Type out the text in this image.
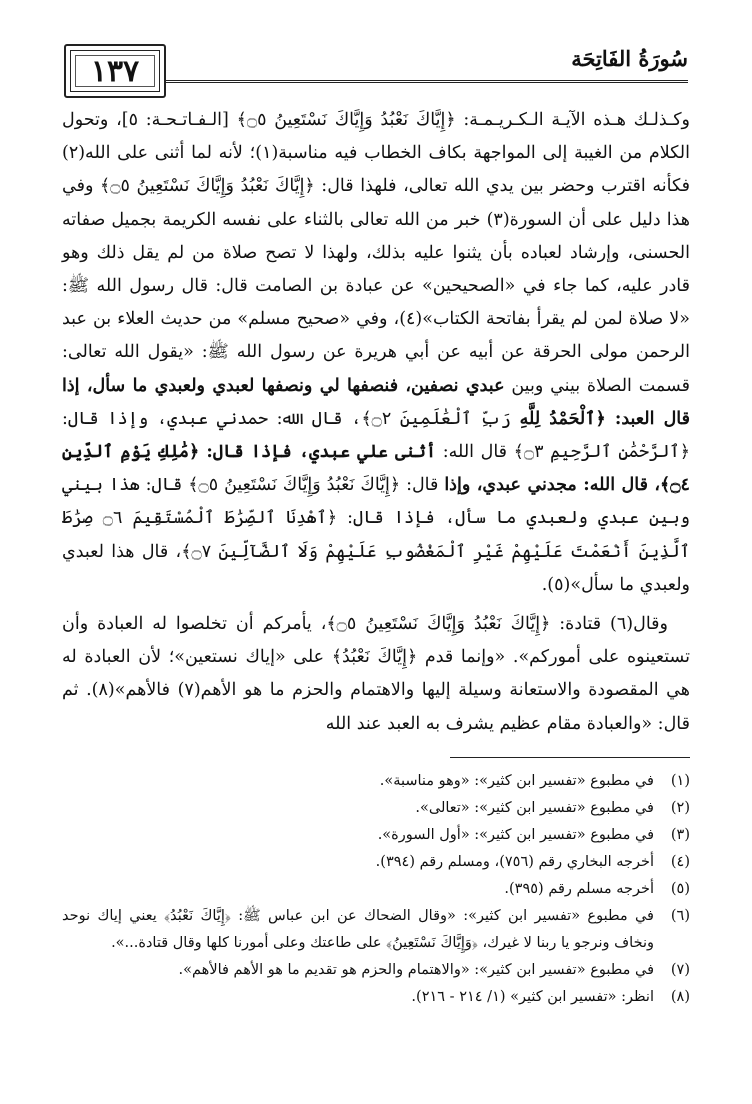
١٣٧	سُورَةُ الفَاتِحَة

وكـذلـك هـذه الآيـة الـكـريـمـة: ﴿إِيَّاكَ نَعْبُدُ وَإِيَّاكَ نَسْتَعِينُ ۝٥﴾ [الـفـاتـحـة: ٥]، وتحول الكلام من الغيبة إلى المواجهة بكاف الخطاب فيه مناسبة(١)؛ لأنه لما أثنى على الله(٢) فكأنه اقترب وحضر بين يدي الله تعالى، فلهذا قال: ﴿إِيَّاكَ نَعْبُدُ وَإِيَّاكَ نَسْتَعِينُ ۝٥﴾ وفي هذا دليل على أن السورة(٣) خبر من الله تعالى بالثناء على نفسه الكريمة بجميل صفاته الحسنى، وإرشاد لعباده بأن يثنوا عليه بذلك، ولهذا لا تصح صلاة من لم يقل ذلك وهو قادر عليه، كما جاء في «الصحيحين» عن عبادة بن الصامت قال: قال رسول الله ﷺ: «لا صلاة لمن لم يقرأ بفاتحة الكتاب»(٤)، وفي «صحيح مسلم» من حديث العلاء بن عبد الرحمن مولى الحرقة عن أبيه عن أبي هريرة عن رسول الله ﷺ: «يقول الله تعالى: قسمت الصلاة بيني وبين عبدي نصفين، فنصفها لي ونصفها لعبدي ولعبدي ما سأل، إذا قال العبد: ﴿ٱلْحَمْدُ لِلَّهِ رَبِّ ٱلْعَٰلَمِينَ ۝٢﴾، قال الله: حمدني عبدي، وإذا قال: ﴿ٱلرَّحْمَٰنِ ٱلرَّحِيمِ ۝٣﴾ قال الله: أثنى علي عبدي، فإذا قال: ﴿مَٰلِكِ يَوْمِ ٱلدِّينِ ۝٤﴾، قال الله: مجدني عبدي، وإذا قال: ﴿إِيَّاكَ نَعْبُدُ وَإِيَّاكَ نَسْتَعِينُ ۝٥﴾ قال: هذا بيني وبين عبدي ولعبدي ما سأل، فإذا قال: ﴿ٱهْدِنَا ٱلصِّرَٰطَ ٱلْمُسْتَقِيمَ ۝٦ صِرَٰطَ ٱلَّذِينَ أَنْعَمْتَ عَلَيْهِمْ غَيْرِ ٱلْمَغْضُوبِ عَلَيْهِمْ وَلَا ٱلضَّآلِّينَ ۝٧﴾، قال هذا لعبدي ولعبدي ما سأل»(٥).

وقال(٦) قتادة: ﴿إِيَّاكَ نَعْبُدُ وَإِيَّاكَ نَسْتَعِينُ ۝٥﴾، يأمركم أن تخلصوا له العبادة وأن تستعينوه على أموركم». «وإنما قدم ﴿إِيَّاكَ نَعْبُدُ﴾ على «إياك نستعين»؛ لأن العبادة له هي المقصودة والاستعانة وسيلة إليها والاهتمام والحزم ما هو الأهم(٧) فالأهم»(٨). ثم قال: «والعبادة مقام عظيم يشرف به العبد عند الله

(١)
في مطبوع «تفسير ابن كثير»: «وهو مناسبة».
(٢)
في مطبوع «تفسير ابن كثير»: «تعالى».
(٣)
في مطبوع «تفسير ابن كثير»: «أول السورة».
(٤)
أخرجه البخاري رقم (٧٥٦)، ومسلم رقم (٣٩٤).
(٥)
أخرجه مسلم رقم (٣٩٥).
(٦)
في مطبوع «تفسير ابن كثير»: «وقال الضحاك عن ابن عباس ﷺ: ﴿إِيَّاكَ نَعْبُدُ﴾ يعني إياك نوحد ونخاف ونرجو يا ربنا لا غيرك، ﴿وَإِيَّاكَ نَسْتَعِينُ﴾ على طاعتك وعلى أمورنا كلها وقال قتادة...».
(٧)
في مطبوع «تفسير ابن كثير»: «والاهتمام والحزم هو تقديم ما هو الأهم فالأهم».
(٨)
انظر: «تفسير ابن كثير» (١/ ٢١٤ - ٢١٦).
